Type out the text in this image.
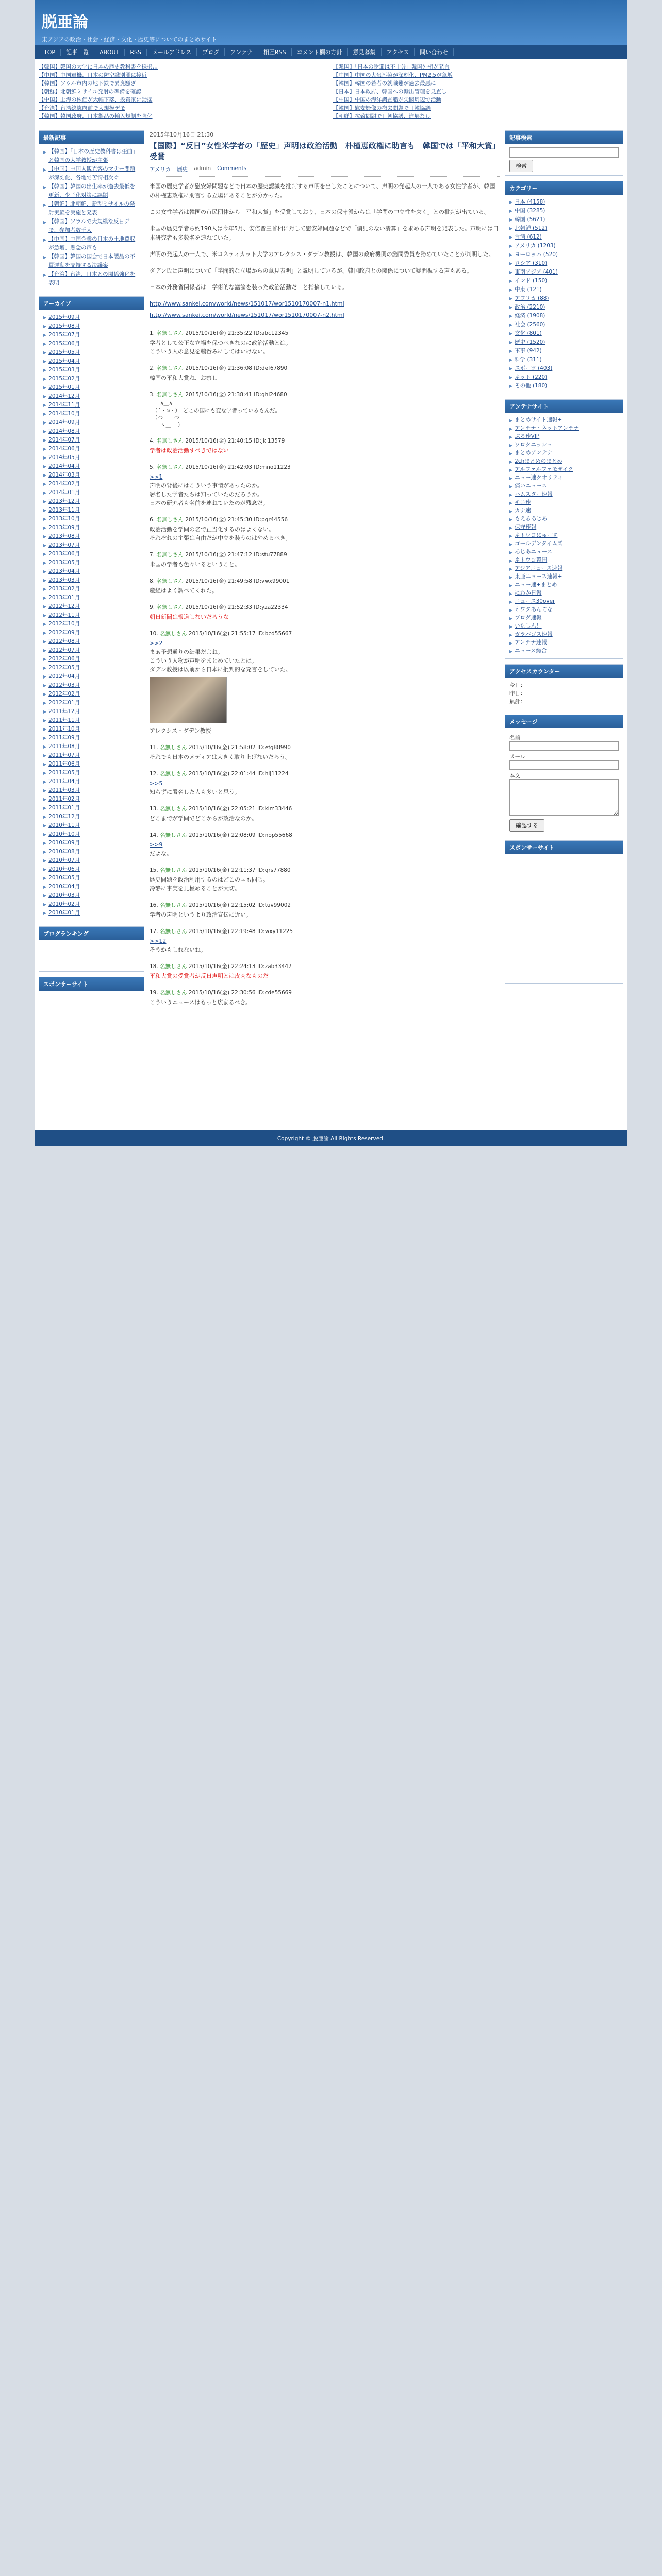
脱亜論
東アジアの政治・社会・経済・文化・歴史等についてのまとめサイト
TOP	記事一覧	ABOUT	RSS	メールアドレス	ブログ	アンテナ	相互RSS	コメント欄の方針	意見募集	アクセス	問い合わせ
【韓国】韓国の大学に日本の歴史教科書を採択…
【中国】中国軍機、日本の防空識別圏に接近
【韓国】ソウル市内の地下鉄で異臭騒ぎ
【朝鮮】北朝鮮ミサイル発射の準備を確認
【中国】上海の株価が大幅下落、投資家に動揺
【台湾】台湾総統府前で大規模デモ
【韓国】韓国政府、日本製品の輸入規制を強化
【韓国】「日本の謝罪は不十分」韓国外相が発言
【中国】中国の大気汚染が深刻化、PM2.5が急増
【韓国】韓国の若者の就職難が過去最悪に
【日本】日本政府、韓国への輸出管理を見直し
【中国】中国の海洋調査船が尖閣周辺で活動
【韓国】慰安婦像の撤去問題で日韓協議
【朝鮮】拉致問題で日朝協議、進展なし
最新記事
▶ 【韓国】「日本の歴史教科書は歪曲」と韓国の大学教授が主張
▶ 【中国】中国人観光客のマナー問題が深刻化、各地で苦情相次ぐ
▶ 【韓国】韓国の出生率が過去最低を更新、少子化対策に課題
▶ 【朝鮮】北朝鮮、新型ミサイルの発射実験を実施と発表
▶ 【韓国】ソウルで大規模な反日デモ、参加者数千人
▶ 【中国】中国企業の日本の土地買収が急増、懸念の声も
▶ 【韓国】韓国の国会で日本製品の不買運動を支持する決議案
▶ 【台湾】台湾、日本との関係強化を表明
アーカイブ
▶ 2015年09月
▶ 2015年08月
▶ 2015年07月
▶ 2015年06月
▶ 2015年05月
▶ 2015年04月
▶ 2015年03月
▶ 2015年02月
▶ 2015年01月
▶ 2014年12月
▶ 2014年11月
▶ 2014年10月
▶ 2014年09月
▶ 2014年08月
▶ 2014年07月
▶ 2014年06月
▶ 2014年05月
▶ 2014年04月
▶ 2014年03月
▶ 2014年02月
▶ 2014年01月
▶ 2013年12月
▶ 2013年11月
▶ 2013年10月
▶ 2013年09月
▶ 2013年08月
▶ 2013年07月
▶ 2013年06月
▶ 2013年05月
▶ 2013年04月
▶ 2013年03月
▶ 2013年02月
▶ 2013年01月
▶ 2012年12月
▶ 2012年11月
▶ 2012年10月
▶ 2012年09月
▶ 2012年08月
▶ 2012年07月
▶ 2012年06月
▶ 2012年05月
▶ 2012年04月
▶ 2012年03月
▶ 2012年02月
▶ 2012年01月
▶ 2011年12月
▶ 2011年11月
▶ 2011年10月
▶ 2011年09月
▶ 2011年08月
▶ 2011年07月
▶ 2011年06月
▶ 2011年05月
▶ 2011年04月
▶ 2011年03月
▶ 2011年02月
▶ 2011年01月
▶ 2010年12月
▶ 2010年11月
▶ 2010年10月
▶ 2010年09月
▶ 2010年08月
▶ 2010年07月
▶ 2010年06月
▶ 2010年05月
▶ 2010年04月
▶ 2010年03月
▶ 2010年02月
▶ 2010年01月
ブログランキング
スポンサーサイト
2015年10月16日 21:30
【国際】“反日”女性米学者の「歴史」声明は政治活動　朴槿恵政権に助言も　韓国では「平和大賞」受賞
アメリカ 歴史 admin Comments

米国の歴史学者が慰安婦問題などで日本の歴史認識を批判する声明を出したことについて、声明の発起人の一人である女性学者が、韓国の朴槿恵政権に助言する立場にあることが分かった。

この女性学者は韓国の市民団体から「平和大賞」を受賞しており、日本の保守派からは「学問の中立性を欠く」との批判が出ている。

米国の歴史学者ら約190人は今年5月、安倍晋三首相に対して慰安婦問題などで「偏見のない清算」を求める声明を発表した。声明には日本研究者も多数名を連ねていた。

声明の発起人の一人で、米コネティカット大学のアレクシス・ダデン教授は、韓国の政府機関の諮問委員を務めていたことが判明した。

ダデン氏は声明について「学問的な立場からの意見表明」と説明しているが、韓国政府との関係について疑問視する声もある。

日本の外務省関係者は「学術的な議論を装った政治活動だ」と指摘している。

http://www.sankei.com/world/news/151017/wor1510170007-n1.html

http://www.sankei.com/world/news/151017/wor1510170007-n2.html

1. 名無しさん 2015/10/16(金) 21:35:22 ID:abc12345
学者として公正な立場を保つべきなのに政治活動とは。
こういう人の意見を鵜呑みにしてはいけない。
2. 名無しさん 2015/10/16(金) 21:36:08 ID:def67890
韓国の平和大賞ね、お察し
3. 名無しさん 2015/10/16(金) 21:38:41 ID:ghi24680
　　∧＿∧
　（´・ω・）　どこの国にも変な学者っているもんだ。
　（つ　　つ
　　ヽ＿__）
4. 名無しさん 2015/10/16(金) 21:40:15 ID:jkl13579
学者は政治活動すべきではない
5. 名無しさん 2015/10/16(金) 21:42:03 ID:mno11223
>>1
声明の背後にはこういう事情があったのか。
署名した学者たちは知っていたのだろうか。
日本の研究者も名前を連ねていたのが残念だ。
6. 名無しさん 2015/10/16(金) 21:45:30 ID:pqr44556
政治活動を学問の名で正当化するのはよくない。
それぞれの主張は自由だが中立を装うのはやめるべき。
7. 名無しさん 2015/10/16(金) 21:47:12 ID:stu77889
米国の学者も色々いるということ。
8. 名無しさん 2015/10/16(金) 21:49:58 ID:vwx99001
産経はよく調べてくれた。
9. 名無しさん 2015/10/16(金) 21:52:33 ID:yza22334
朝日新聞は報道しないだろうな
10. 名無しさん 2015/10/16(金) 21:55:17 ID:bcd55667
>>2
まぁ予想通りの結果だよね。
こういう人物が声明をまとめていたとは。
ダデン教授は以前から日本に批判的な発言をしていた。
アレクシス・ダデン教授
11. 名無しさん 2015/10/16(金) 21:58:02 ID:efg88990
それでも日本のメディアは大きく取り上げないだろう。
12. 名無しさん 2015/10/16(金) 22:01:44 ID:hij11224
>>5
知らずに署名した人も多いと思う。
13. 名無しさん 2015/10/16(金) 22:05:21 ID:klm33446
どこまでが学問でどこからが政治なのか。
14. 名無しさん 2015/10/16(金) 22:08:09 ID:nop55668
>>9
だよな。
15. 名無しさん 2015/10/16(金) 22:11:37 ID:qrs77880
歴史問題を政治利用するのはどこの国も同じ。
冷静に事実を見極めることが大切。
16. 名無しさん 2015/10/16(金) 22:15:02 ID:tuv99002
学者の声明というより政治宣伝に近い。
17. 名無しさん 2015/10/16(金) 22:19:48 ID:wxy11225
>>12
そうかもしれないね。
18. 名無しさん 2015/10/16(金) 22:24:13 ID:zab33447
平和大賞の受賞者が反日声明とは皮肉なものだ
19. 名無しさん 2015/10/16(金) 22:30:56 ID:cde55669
こういうニュースはもっと広まるべき。
記事検索
検索
カテゴリー
▶ 日本 (4158)
▶ 中国 (3285)
▶ 韓国 (5621)
▶ 北朝鮮 (512)
▶ 台湾 (612)
▶ アメリカ (1203)
▶ ヨーロッパ (520)
▶ ロシア (310)
▶ 東南アジア (401)
▶ インド (150)
▶ 中東 (121)
▶ アフリカ (88)
▶ 政治 (2210)
▶ 経済 (1908)
▶ 社会 (2560)
▶ 文化 (801)
▶ 歴史 (1520)
▶ 軍事 (942)
▶ 科学 (311)
▶ スポーツ (403)
▶ ネット (220)
▶ その他 (180)
アンテナサイト
▶ まとめサイト速報+
▶ アンテナ・ネットアンテナ
▶ ぶる速VIP
▶ ワロタニッシュ
▶ まとめアンテナ
▶ 2chまとめのまとめ
▶ アルファルファモザイク
▶ ニュー速クオリティ
▶ 痛いニュース
▶ ハムスター速報
▶ キニ速
▶ カナ速
▶ もえるあじあ
▶ 保守速報
▶ ネトウヨにゅーす
▶ ゴールデンタイムズ
▶ あじあニュース
▶ ネトウヨ韓国
▶ アジアニュース速報
▶ 東亜ニュース速報+
▶ ニュー速+まとめ
▶ にわか日報
▶ ニュース30over
▶ オワタあんてな
▶ ブログ速報
▶ いたしん！
▶ ガラパゴス速報
▶ アンテナ速報
▶ ニュース総合
アクセスカウンター
今日：
昨日：
累計：
メッセージ
名前
メール
本文
確認する
スポンサーサイト
Copyright © 脱亜論 All Rights Reserved.
